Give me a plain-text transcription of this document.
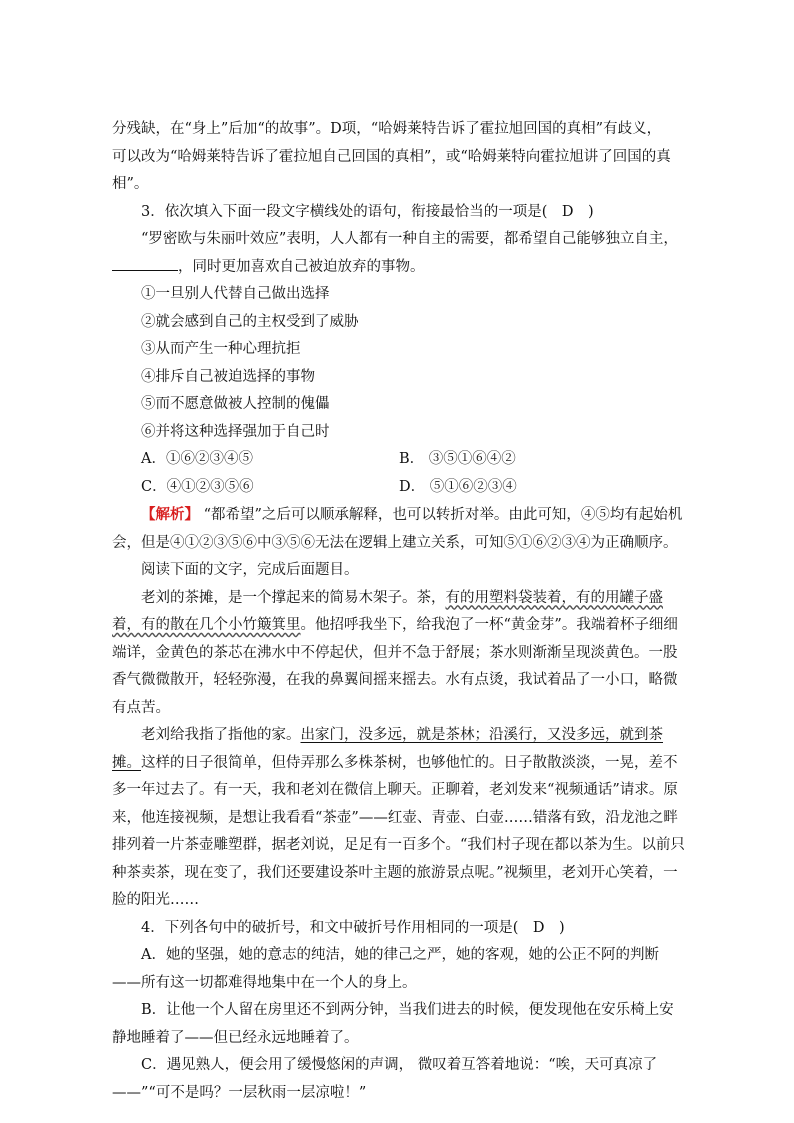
分残缺，在“身上”后加“的故事”。D项，“哈姆莱特告诉了霍拉旭回国的真相”有歧义，

可以改为“哈姆莱特告诉了霍拉旭自己回国的真相”，或“哈姆莱特向霍拉旭讲了回国的真相”。

3．依次填入下面一段文字横线处的语句，衔接最恰当的一项是(　D　)

“罗密欧与朱丽叶效应”表明，人人都有一种自主的需要，都希望自己能够独立自主，，同时更加喜欢自己被迫放弃的事物。

①一旦别人代替自己做出选择

②就会感到自己的主权受到了威胁

③从而产生一种心理抗拒

④排斥自己被迫选择的事物

⑤而不愿意做被人控制的傀儡

⑥并将这种选择强加于自己时

A．①⑥②③④⑤	B． ③⑤①⑥④②

C．④①②③⑤⑥	D． ⑤①⑥②③④

【解析】 “都希望”之后可以顺承解释，也可以转折对举。由此可知，④⑤均有起始机会，但是④①②③⑤⑥中③⑤⑥无法在逻辑上建立关系，可知⑤①⑥②③④为正确顺序。

阅读下面的文字，完成后面题目。

老刘的茶摊，是一个撑起来的简易木架子。茶，有的用塑料袋装着，有的用罐子盛着，有的散在几个小竹簸箕里。他招呼我坐下，给我泡了一杯“黄金芽”。我端着杯子细细端详，金黄色的茶芯在沸水中不停起伏，但并不急于舒展；茶水则渐渐呈现淡黄色。一股香气微微散开，轻轻弥漫，在我的鼻翼间摇来摇去。水有点烫，我试着品了一小口，略微有点苦。

老刘给我指了指他的家。出家门，没多远，就是茶林；沿溪行，又没多远，就到茶摊。这样的日子很简单，但侍弄那么多株茶树，也够他忙的。日子散散淡淡，一晃，差不多一年过去了。有一天，我和老刘在微信上聊天。正聊着，老刘发来“视频通话”请求。原来，他连接视频，是想让我看看“茶壶”——红壶、青壶、白壶……错落有致，沿龙池之畔排列着一片茶壶雕塑群，据老刘说，足足有一百多个。“我们村子现在都以茶为生。以前只种茶卖茶，现在变了，我们还要建设茶叶主题的旅游景点呢。”视频里，老刘开心笑着，一脸的阳光……

4．下列各句中的破折号，和文中破折号作用相同的一项是(　D　)

A．她的坚强，她的意志的纯洁，她的律己之严，她的客观，她的公正不阿的判断——所有这一切都难得地集中在一个人的身上。

B．让他一个人留在房里还不到两分钟，当我们进去的时候，便发现他在安乐椅上安静地睡着了——但已经永远地睡着了。

C．遇见熟人，便会用了缓慢悠闲的声调， 微叹着互答着地说：“唉，天可真凉了——”“可不是吗？一层秋雨一层凉啦！”
